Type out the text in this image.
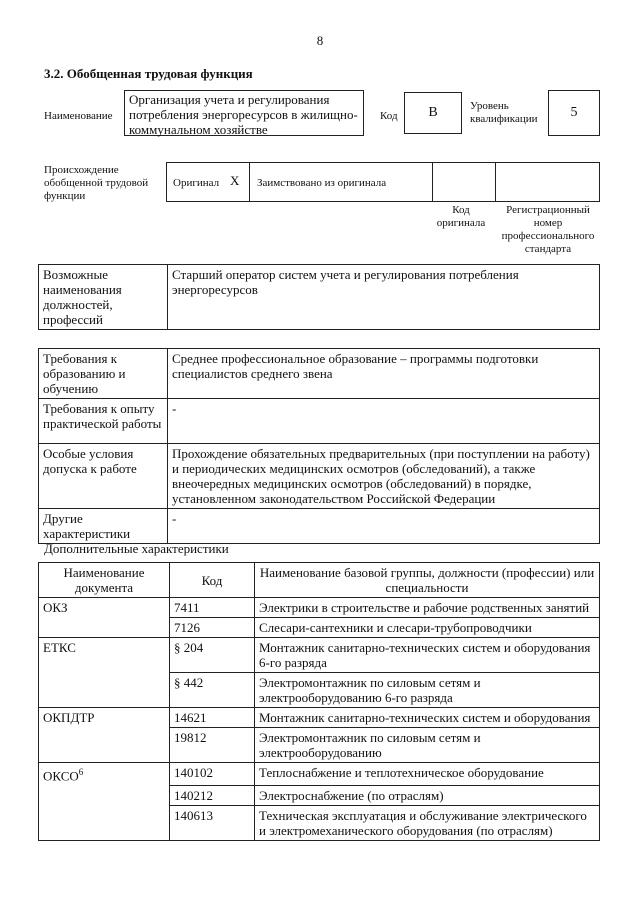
8
3.2. Обобщенная трудовая функция
Наименование
Организация учета и регулирования потребления энергоресурсов в жилищно-коммунальном хозяйстве
Код	B	Уровень квалификации	5
Происхождение обобщенной трудовой функции
Оригинал X Заимствовано из оригинала
Код оригинала
Регистрационный номер профессионального стандарта
Возможные наименования должностей, профессий	Старший оператор систем учета и регулирования потребления энергоресурсов
Требования к образованию и обучению	Среднее профессиональное образование – программы подготовки специалистов среднего звена
Требования к опыту практической работы	-
Особые условия допуска к работе	Прохождение обязательных предварительных (при поступлении на работу) и периодических медицинских осмотров (обследований), а также внеочередных медицинских осмотров (обследований) в порядке, установленном законодательством Российской Федерации
Другие характеристики	-
Дополнительные характеристики
Наименование документа	Код	Наименование базовой группы, должности (профессии) или специальности
ОКЗ	7411	Электрики в строительстве и рабочие родственных занятий
	7126	Слесари-сантехники и слесари-трубопроводчики
ЕТКС	§ 204	Монтажник санитарно-технических систем и оборудования 6-го разряда
	§ 442	Электромонтажник по силовым сетям и электрооборудованию 6-го разряда
ОКПДТР	14621	Монтажник санитарно-технических систем и оборудования
	19812	Электромонтажник по силовым сетям и электрооборудованию
ОКСО$^6$	140102	Теплоснабжение и теплотехническое оборудование
	140212	Электроснабжение (по отраслям)
	140613	Техническая эксплуатация и обслуживание электрического и электромеханического оборудования (по отраслям)
